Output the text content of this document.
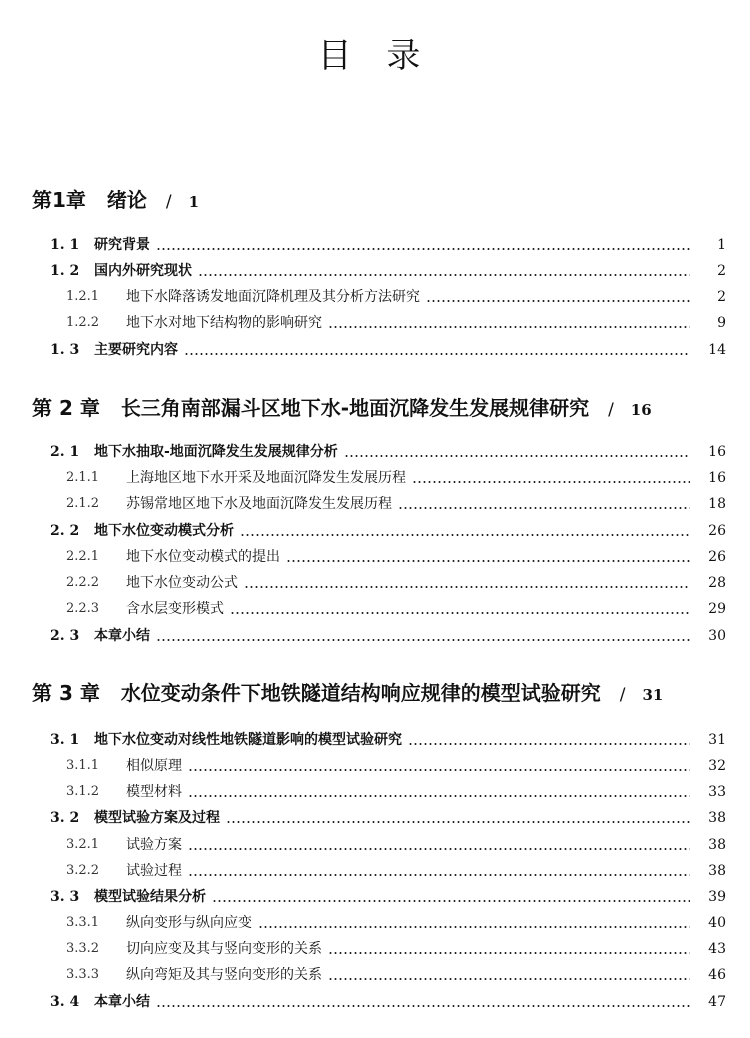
目 录
第1章 绪论 / 1
1. 1	研究背景	1
1. 2	国内外研究现状	2
1.2.1	地下水降落诱发地面沉降机理及其分析方法研究	2
1.2.2	地下水对地下结构物的影响研究	9
1. 3	主要研究内容	14
第 2 章 长三角南部漏斗区地下水-地面沉降发生发展规律研究 / 16
2. 1	地下水抽取-地面沉降发生发展规律分析	16
2.1.1	上海地区地下水开采及地面沉降发生发展历程	16
2.1.2	苏锡常地区地下水及地面沉降发生发展历程	18
2. 2	地下水位变动模式分析	26
2.2.1	地下水位变动模式的提出	26
2.2.2	地下水位变动公式	28
2.2.3	含水层变形模式	29
2. 3	本章小结	30
第 3 章 水位变动条件下地铁隧道结构响应规律的模型试验研究 / 31
3. 1	地下水位变动对线性地铁隧道影响的模型试验研究	31
3.1.1	相似原理	32
3.1.2	模型材料	33
3. 2	模型试验方案及过程	38
3.2.1	试验方案	38
3.2.2	试验过程	38
3. 3	模型试验结果分析	39
3.3.1	纵向变形与纵向应变	40
3.3.2	切向应变及其与竖向变形的关系	43
3.3.3	纵向弯矩及其与竖向变形的关系	46
3. 4	本章小结	47
